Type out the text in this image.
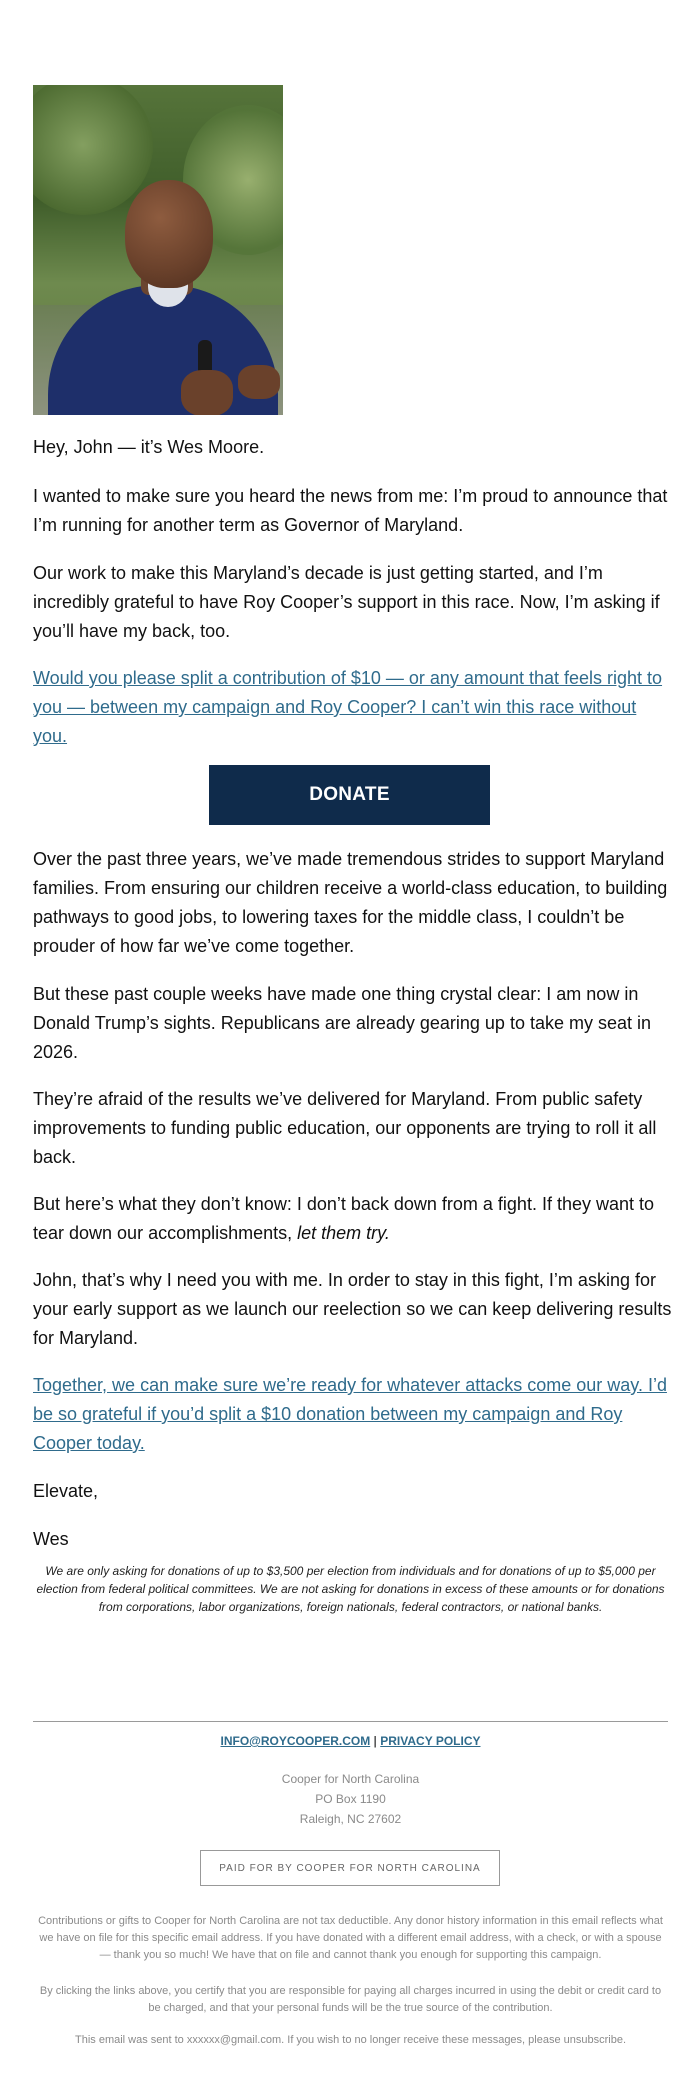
Hey, John — it’s Wes Moore.

I wanted to make sure you heard the news from me: I’m proud to announce that I’m running for another term as Governor of Maryland.

Our work to make this Maryland’s decade is just getting started, and I’m incredibly grateful to have Roy Cooper’s support in this race. Now, I’m asking if you’ll have my back, too.

Would you please split a contribution of $10 — or any amount that feels right to you — between my campaign and Roy Cooper? I can’t win this race without you.

DONATE

Over the past three years, we’ve made tremendous strides to support Maryland families. From ensuring our children receive a world-class education, to building pathways to good jobs, to lowering taxes for the middle class, I couldn’t be prouder of how far we’ve come together.

But these past couple weeks have made one thing crystal clear: I am now in Donald Trump’s sights. Republicans are already gearing up to take my seat in 2026.

They’re afraid of the results we’ve delivered for Maryland. From public safety improvements to funding public education, our opponents are trying to roll it all back.

But here’s what they don’t know: I don’t back down from a fight. If they want to tear down our accomplishments, let them try.

John, that’s why I need you with me. In order to stay in this fight, I’m asking for your early support as we launch our reelection so we can keep delivering results for Maryland.

Together, we can make sure we’re ready for whatever attacks come our way. I’d be so grateful if you’d split a $10 donation between my campaign and Roy Cooper today.

Elevate,

Wes

We are only asking for donations of up to $3,500 per election from individuals and for donations of up to $5,000 per election from federal political committees. We are not asking for donations in excess of these amounts or for donations from corporations, labor organizations, foreign nationals, federal contractors, or national banks.

INFO@ROYCOOPER.COM | PRIVACY POLICY
Cooper for North Carolina
PO Box 1190
Raleigh, NC 27602
PAID FOR BY COOPER FOR NORTH CAROLINA

Contributions or gifts to Cooper for North Carolina are not tax deductible. Any donor history information in this email reflects what we have on file for this specific email address. If you have donated with a different email address, with a check, or with a spouse — thank you so much! We have that on file and cannot thank you enough for supporting this campaign.

By clicking the links above, you certify that you are responsible for paying all charges incurred in using the debit or credit card to be charged, and that your personal funds will be the true source of the contribution.

This email was sent to xxxxxx@gmail.com. If you wish to no longer receive these messages, please unsubscribe.
